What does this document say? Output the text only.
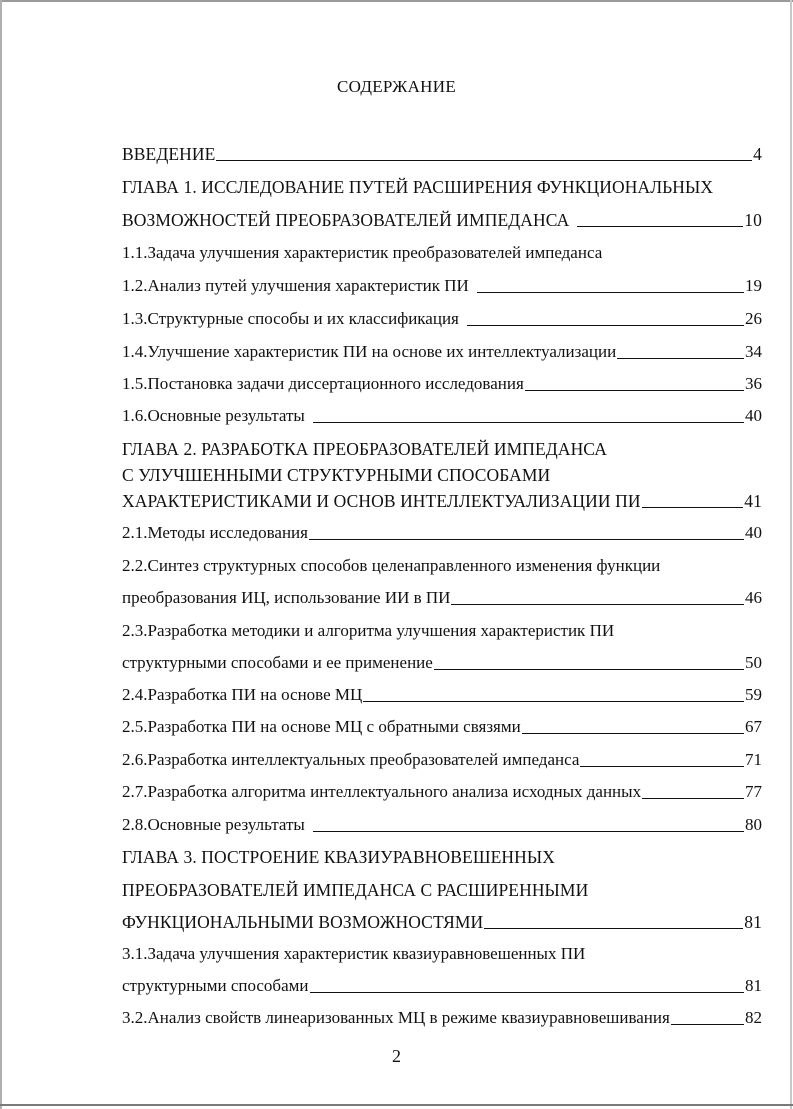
СОДЕРЖАНИЕ
ВВЕДЕНИЕ	4
ГЛАВА 1. ИССЛЕДОВАНИЕ ПУТЕЙ РАСШИРЕНИЯ ФУНКЦИОНАЛЬНЫХ
ВОЗМОЖНОСТЕЙ ПРЕОБРАЗОВАТЕЛЕЙ ИМПЕДАНСА	10
1.1.Задача улучшения характеристик преобразователей импеданса
1.2.Анализ путей улучшения характеристик ПИ	19
1.3.Структурные способы и их классификация	26
1.4.Улучшение характеристик ПИ на основе их интеллектуализации	34
1.5.Постановка задачи диссертационного исследования	36
1.6.Основные результаты	40
ГЛАВА 2. РАЗРАБОТКА ПРЕОБРАЗОВАТЕЛЕЙ ИМПЕДАНСА
С УЛУЧШЕННЫМИ СТРУКТУРНЫМИ СПОСОБАМИ
ХАРАКТЕРИСТИКАМИ И ОСНОВ ИНТЕЛЛЕКТУАЛИЗАЦИИ ПИ	41
2.1.Методы исследования	40
2.2.Синтез структурных способов целенаправленного изменения функции
преобразования ИЦ, использование ИИ в ПИ	46
2.3.Разработка методики и алгоритма улучшения характеристик ПИ
структурными способами и ее применение	50
2.4.Разработка ПИ на основе МЦ	59
2.5.Разработка ПИ на основе МЦ с обратными связями	67
2.6.Разработка интеллектуальных преобразователей импеданса	71
2.7.Разработка алгоритма интеллектуального анализа исходных данных	77
2.8.Основные результаты	80
ГЛАВА 3. ПОСТРОЕНИЕ КВАЗИУРАВНОВЕШЕННЫХ
ПРЕОБРАЗОВАТЕЛЕЙ ИМПЕДАНСА С РАСШИРЕННЫМИ
ФУНКЦИОНАЛЬНЫМИ ВОЗМОЖНОСТЯМИ	81
3.1.Задача улучшения характеристик квазиуравновешенных ПИ
структурными способами	81
3.2.Анализ свойств линеаризованных МЦ в режиме квазиуравновешивания	82
2
